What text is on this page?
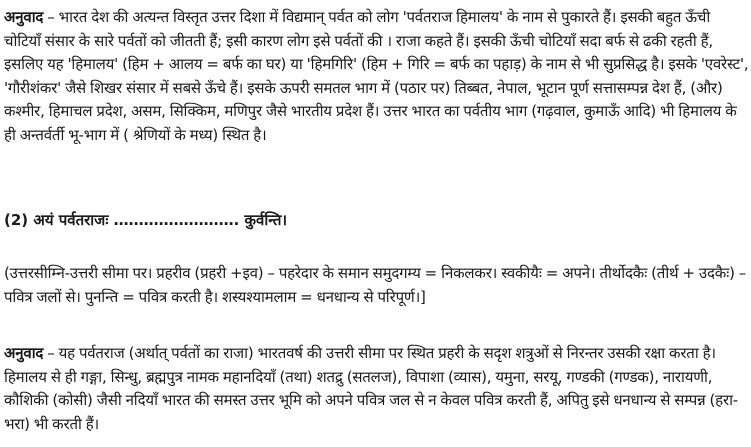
अनुवाद – भारत देश की अत्यन्त विस्तृत उत्तर दिशा में विद्यमान् पर्वत को लोग 'पर्वतराज हिमालय' के नाम से पुकारते हैं। इसकी बहुत ऊँची चोटियाँ संसार के सारे पर्वतों को जीतती हैं; इसी कारण लोग इसे पर्वतों की । राजा कहते हैं। इसकी ऊँची चोटियाँ सदा बर्फ से ढकी रहती हैं, इसलिए यह 'हिमालय' (हिम + आलय = बर्फ का घर) या 'हिमगिरि' (हिम + गिरि = बर्फ का पहाड़) के नाम से भी सुप्रसिद्ध है। इसके 'एवरेस्ट', 'गौरीशंकर' जैसे शिखर संसार में सबसे ऊँचे हैं। इसके ऊपरी समतल भाग में (पठार पर) तिब्बत, नेपाल, भूटान पूर्ण सत्तासम्पन्न देश हैं, (और) कश्मीर, हिमाचल प्रदेश, असम, सिक्किम, मणिपुर जैसे भारतीय प्रदेश हैं। उत्तर भारत का पर्वतीय भाग (गढ़वाल, कुमाऊँ आदि) भी हिमालय के ही अन्तर्वर्ती भू-भाग में ( श्रेणियों के मध्य) स्थित है।

(2) अयं पर्वतराजः ……………………. कुर्वन्ति।

(उत्तरसीम्नि-उत्तरी सीमा पर। प्रहरीव (प्रहरी +इव) – पहरेदार के समान समुदगम्य = निकलकर। स्वकीयैः = अपने। तीर्थोदकैः (तीर्थ + उदकैः) – पवित्र जलों से। पुनन्ति = पवित्र करती है। शस्यश्यामलाम = धनधान्य से परिपूर्ण।]

अनुवाद – यह पर्वतराज (अर्थात् पर्वतों का राजा) भारतवर्ष की उत्तरी सीमा पर स्थित प्रहरी के सदृश शत्रुओं से निरन्तर उसकी रक्षा करता है। हिमालय से ही गङ्गा, सिन्धु, ब्रह्मपुत्र नामक महानदियाँ (तथा) शतद्रु (सतलज), विपाशा (व्यास), यमुना, सरयू, गण्डकी (गण्डक), नारायणी, कौशिकी (कोसी) जैसी नदियाँ भारत की समस्त उत्तर भूमि को अपने पवित्र जल से न केवल पवित्र करती हैं, अपितु इसे धनधान्य से सम्पन्न (हरा-भरा) भी करती हैं।
